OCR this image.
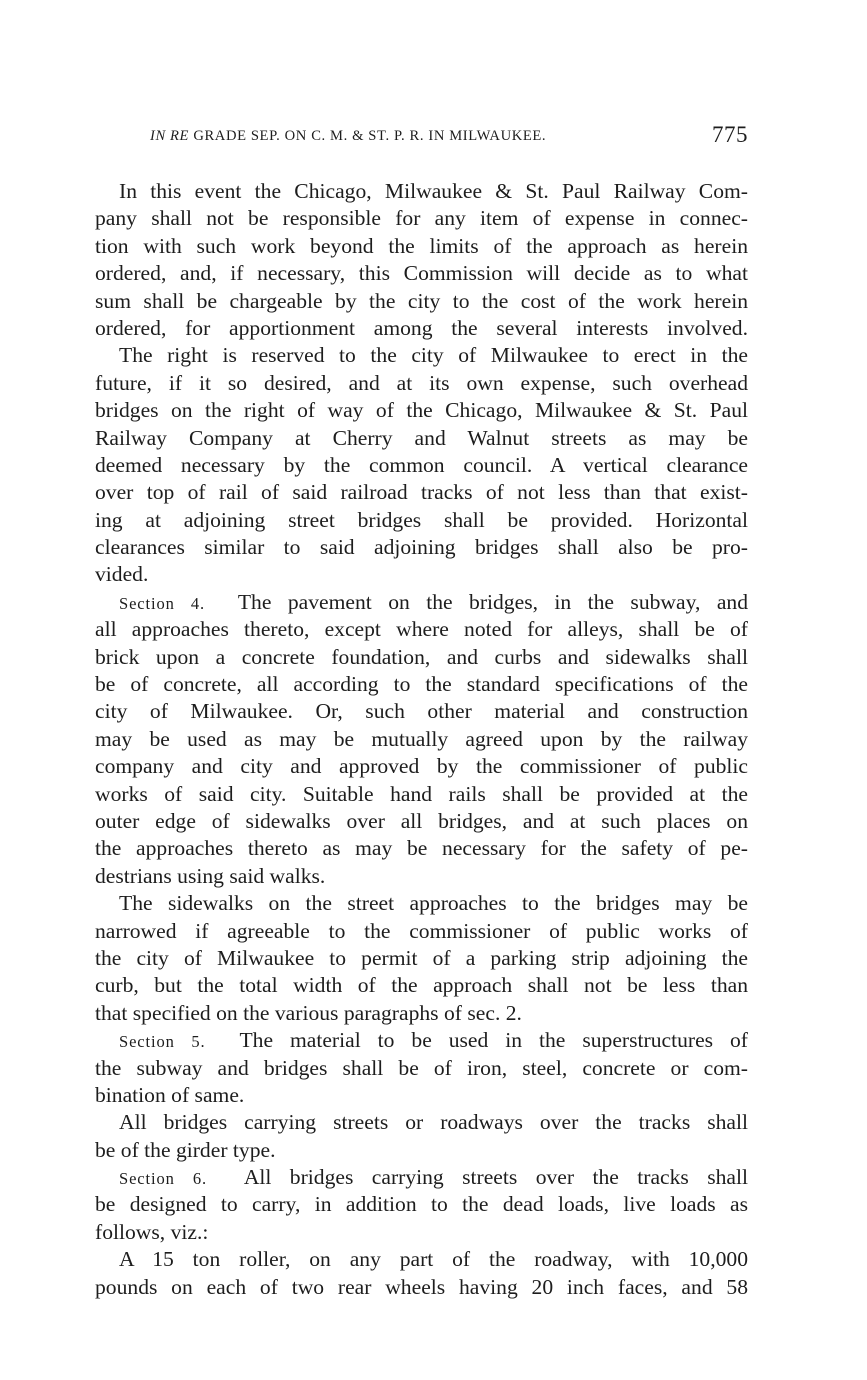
IN RE GRADE SEP. ON C. M. & ST. P. R. IN MILWAUKEE.	775
In this event the Chicago, Milwaukee & St. Paul Railway Com-
pany shall not be responsible for any item of expense in connec-
tion with such work beyond the limits of the approach as herein
ordered, and, if necessary, this Commission will decide as to what
sum shall be chargeable by the city to the cost of the work herein
ordered, for apportionment among the several interests involved.
The right is reserved to the city of Milwaukee to erect in the
future, if it so desired, and at its own expense, such overhead
bridges on the right of way of the Chicago, Milwaukee & St. Paul
Railway Company at Cherry and Walnut streets as may be
deemed necessary by the common council. A vertical clearance
over top of rail of said railroad tracks of not less than that exist-
ing at adjoining street bridges shall be provided. Horizontal
clearances similar to said adjoining bridges shall also be pro-
vided.
Section 4. The pavement on the bridges, in the subway, and
all approaches thereto, except where noted for alleys, shall be of
brick upon a concrete foundation, and curbs and sidewalks shall
be of concrete, all according to the standard specifications of the
city of Milwaukee. Or, such other material and construction
may be used as may be mutually agreed upon by the railway
company and city and approved by the commissioner of public
works of said city. Suitable hand rails shall be provided at the
outer edge of sidewalks over all bridges, and at such places on
the approaches thereto as may be necessary for the safety of pe-
destrians using said walks.
The sidewalks on the street approaches to the bridges may be
narrowed if agreeable to the commissioner of public works of
the city of Milwaukee to permit of a parking strip adjoining the
curb, but the total width of the approach shall not be less than
that specified on the various paragraphs of sec. 2.
Section 5. The material to be used in the superstructures of
the subway and bridges shall be of iron, steel, concrete or com-
bination of same.
All bridges carrying streets or roadways over the tracks shall
be of the girder type.
Section 6. All bridges carrying streets over the tracks shall
be designed to carry, in addition to the dead loads, live loads as
follows, viz.:
A 15 ton roller, on any part of the roadway, with 10,000
pounds on each of two rear wheels having 20 inch faces, and 58
